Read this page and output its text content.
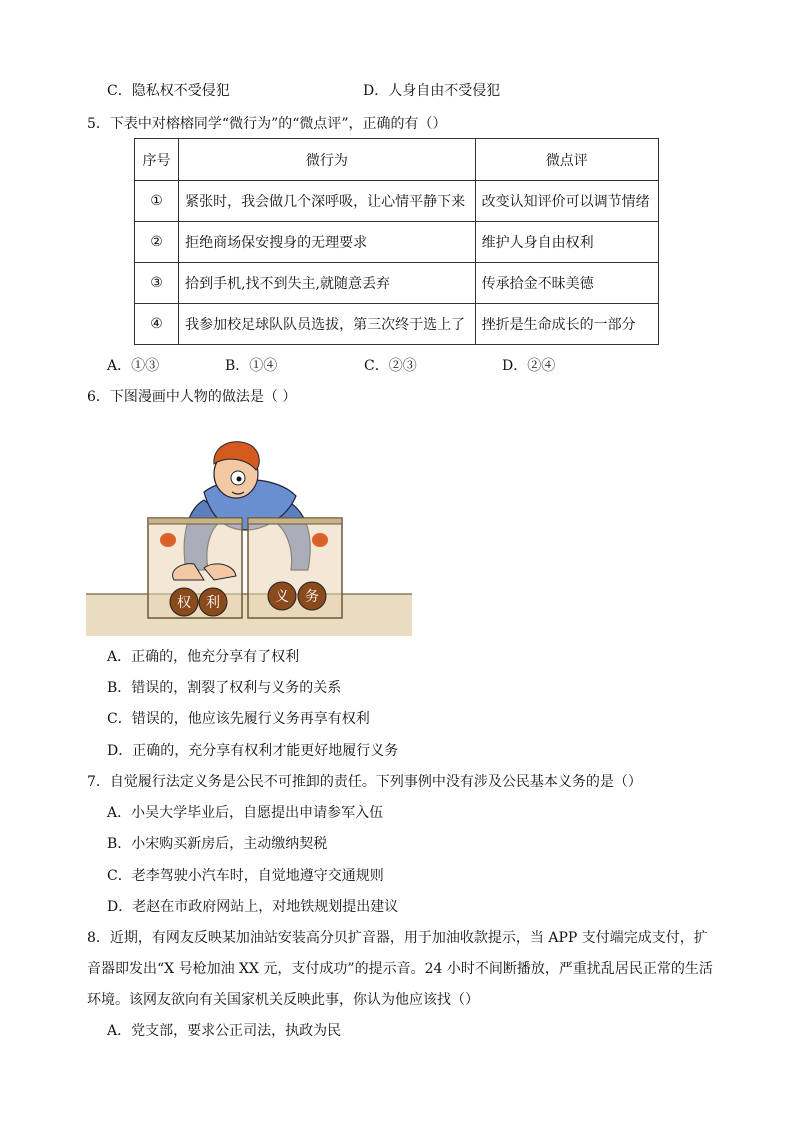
C．隐私权不受侵犯	D．人身自由不受侵犯
5．下表中对榕榕同学“微行为”的“微点评”，正确的有（）
序号	微行为	微点评
①	紧张时，我会做几个深呼吸，让心情平静下来	改变认知评价可以调节情绪
②	拒绝商场保安搜身的无理要求	维护人身自由权利
③	拾到手机,找不到失主,就随意丢弃	传承拾金不昧美德
④	我参加校足球队队员选拔，第三次终于选上了	挫折是生命成长的一部分
A．①③	B．①④	C．②③	D．②④
6．下图漫画中人物的做法是（ ）
权 利	义 务
A．正确的，他充分享有了权利
B．错误的，割裂了权利与义务的关系
C．错误的，他应该先履行义务再享有权利
D．正确的，充分享有权利才能更好地履行义务
7．自觉履行法定义务是公民不可推卸的责任。下列事例中没有涉及公民基本义务的是（）
A．小吴大学毕业后，自愿提出申请参军入伍
B．小宋购买新房后，主动缴纳契税
C．老李驾驶小汽车时，自觉地遵守交通规则
D．老赵在市政府网站上，对地铁规划提出建议
8．近期，有网友反映某加油站安装高分贝扩音器，用于加油收款提示，当 APP 支付端完成支付，扩
音器即发出“X 号枪加油 XX 元，支付成功”的提示音。24 小时不间断播放，严重扰乱居民正常的生活
环境。该网友欲向有关国家机关反映此事，你认为他应该找（）
A．党支部，要求公正司法，执政为民
